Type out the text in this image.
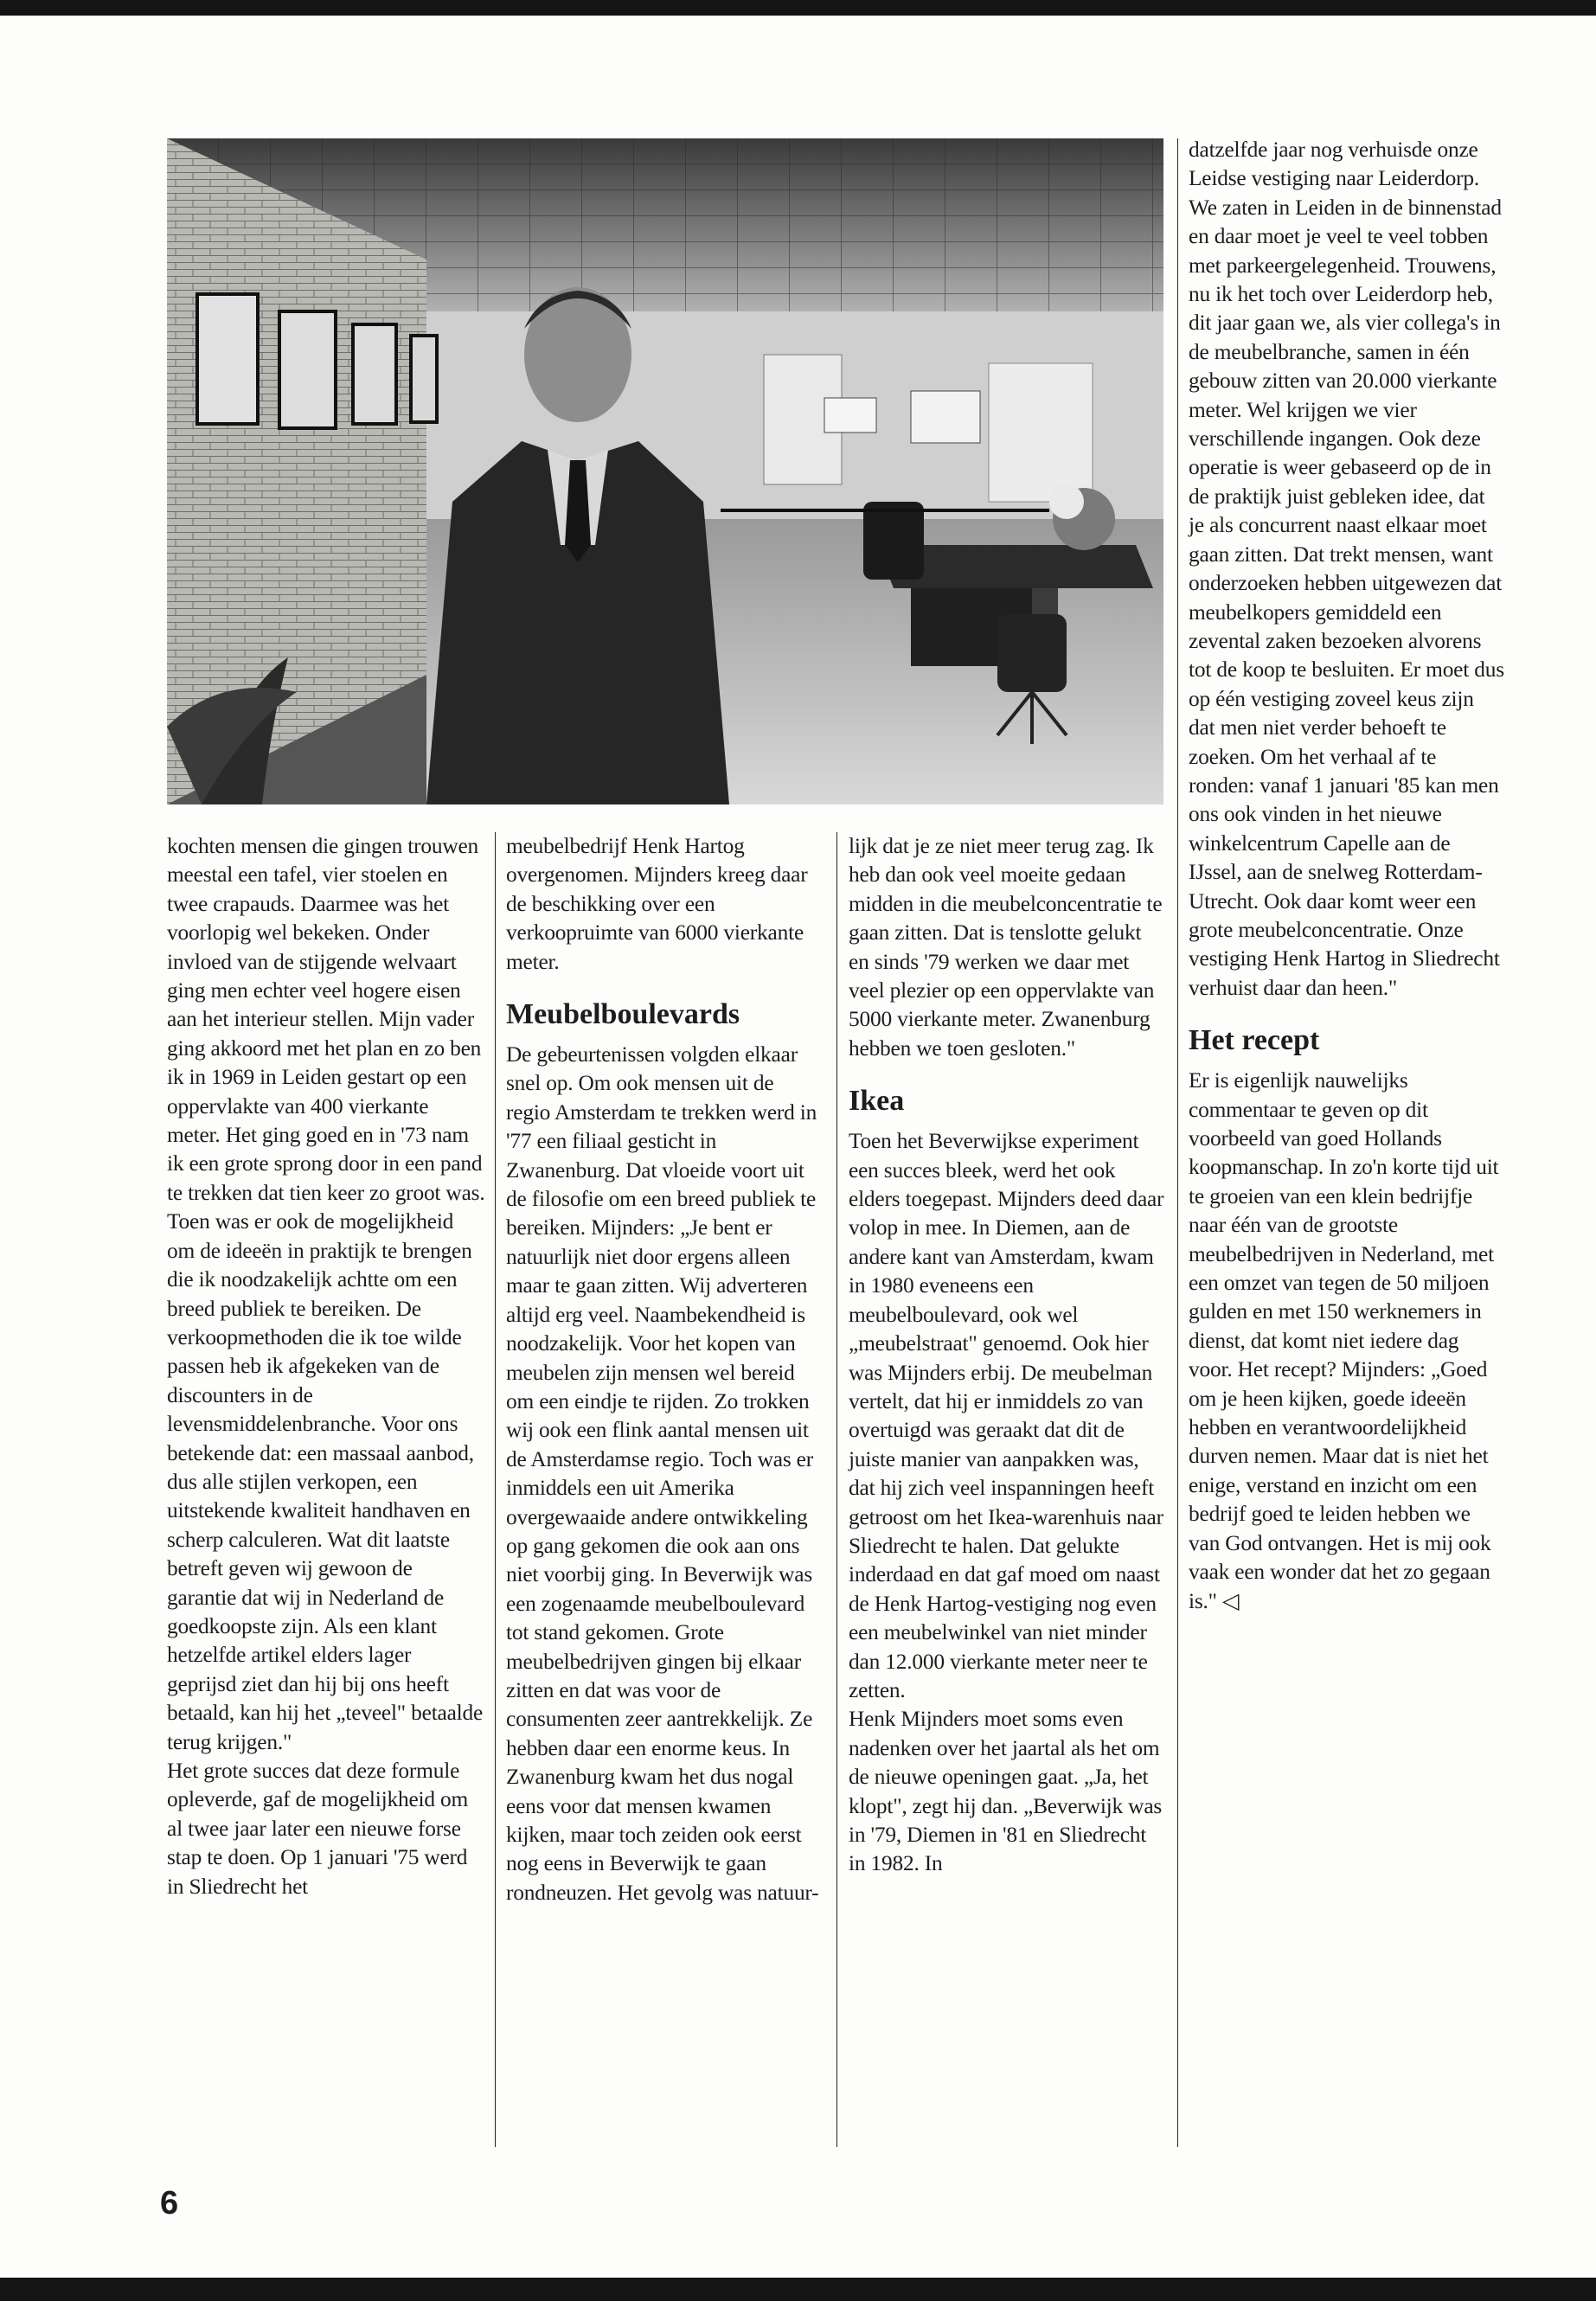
kochten mensen die gingen trouwen meestal een tafel, vier stoelen en twee crapauds. Daarmee was het voorlopig wel bekeken. Onder invloed van de stijgende welvaart ging men echter veel hogere eisen aan het interieur stellen. Mijn vader ging akkoord met het plan en zo ben ik in 1969 in Leiden gestart op een oppervlakte van 400 vierkante meter. Het ging goed en in '73 nam ik een grote sprong door in een pand te trekken dat tien keer zo groot was. Toen was er ook de mogelijkheid om de ideeën in praktijk te brengen die ik noodzakelijk achtte om een breed publiek te bereiken. De verkoopmethoden die ik toe wilde passen heb ik afgekeken van de discounters in de levensmiddelenbranche. Voor ons betekende dat: een massaal aanbod, dus alle stijlen verkopen, een uitstekende kwaliteit handhaven en scherp calculeren. Wat dit laatste betreft geven wij gewoon de garantie dat wij in Nederland de goedkoopste zijn. Als een klant hetzelfde artikel elders lager geprijsd ziet dan hij bij ons heeft betaald, kan hij het „teveel" betaalde terug krijgen."

Het grote succes dat deze formule opleverde, gaf de mogelijkheid om al twee jaar later een nieuwe forse stap te doen. Op 1 januari '75 werd in Sliedrecht het

meubelbedrijf Henk Hartog overgenomen. Mijnders kreeg daar de beschikking over een verkoopruimte van 6000 vierkante meter.

Meubelboulevards

De gebeurtenissen volgden elkaar snel op. Om ook mensen uit de regio Amsterdam te trekken werd in '77 een filiaal gesticht in Zwanenburg. Dat vloeide voort uit de filosofie om een breed publiek te bereiken. Mijnders: „Je bent er natuurlijk niet door ergens alleen maar te gaan zitten. Wij adverteren altijd erg veel. Naambekendheid is noodzakelijk. Voor het kopen van meubelen zijn mensen wel bereid om een eindje te rijden. Zo trokken wij ook een flink aantal mensen uit de Amsterdamse regio. Toch was er inmiddels een uit Amerika overgewaaide andere ontwikkeling op gang gekomen die ook aan ons niet voorbij ging. In Beverwijk was een zogenaamde meubelboulevard tot stand gekomen. Grote meubelbedrijven gingen bij elkaar zitten en dat was voor de consumenten zeer aantrekkelijk. Ze hebben daar een enorme keus. In Zwanenburg kwam het dus nogal eens voor dat mensen kwamen kijken, maar toch zeiden ook eerst nog eens in Beverwijk te gaan rondneuzen. Het gevolg was natuur-

lijk dat je ze niet meer terug zag. Ik heb dan ook veel moeite gedaan midden in die meubelconcentratie te gaan zitten. Dat is tenslotte gelukt en sinds '79 werken we daar met veel plezier op een oppervlakte van 5000 vierkante meter. Zwanenburg hebben we toen gesloten."

Ikea

Toen het Beverwijkse experiment een succes bleek, werd het ook elders toegepast. Mijnders deed daar volop in mee. In Diemen, aan de andere kant van Amsterdam, kwam in 1980 eveneens een meubelboulevard, ook wel „meubelstraat" genoemd. Ook hier was Mijnders erbij. De meubelman vertelt, dat hij er inmiddels zo van overtuigd was geraakt dat dit de juiste manier van aanpakken was, dat hij zich veel inspanningen heeft getroost om het Ikea-warenhuis naar Sliedrecht te halen. Dat gelukte inderdaad en dat gaf moed om naast de Henk Hartog-vestiging nog even een meubelwinkel van niet minder dan 12.000 vierkante meter neer te zetten.

Henk Mijnders moet soms even nadenken over het jaartal als het om de nieuwe openingen gaat. „Ja, het klopt", zegt hij dan. „Beverwijk was in '79, Diemen in '81 en Sliedrecht in 1982. In

datzelfde jaar nog verhuisde onze Leidse vestiging naar Leiderdorp. We zaten in Leiden in de binnenstad en daar moet je veel te veel tobben met parkeergelegenheid. Trouwens, nu ik het toch over Leiderdorp heb, dit jaar gaan we, als vier collega's in de meubelbranche, samen in één gebouw zitten van 20.000 vierkante meter. Wel krijgen we vier verschillende ingangen. Ook deze operatie is weer gebaseerd op de in de praktijk juist gebleken idee, dat je als concurrent naast elkaar moet gaan zitten. Dat trekt mensen, want onderzoeken hebben uitgewezen dat meubelkopers gemiddeld een zevental zaken bezoeken alvorens tot de koop te besluiten. Er moet dus op één vestiging zoveel keus zijn dat men niet verder behoeft te zoeken. Om het verhaal af te ronden: vanaf 1 januari '85 kan men ons ook vinden in het nieuwe winkelcentrum Capelle aan de IJssel, aan de snelweg Rotterdam-Utrecht. Ook daar komt weer een grote meubelconcentratie. Onze vestiging Henk Hartog in Sliedrecht verhuist daar dan heen."

Het recept

Er is eigenlijk nauwelijks commentaar te geven op dit voorbeeld van goed Hollands koopmanschap. In zo'n korte tijd uit te groeien van een klein bedrijfje naar één van de grootste meubelbedrijven in Nederland, met een omzet van tegen de 50 miljoen gulden en met 150 werknemers in dienst, dat komt niet iedere dag voor. Het recept? Mijnders: „Goed om je heen kijken, goede ideeën hebben en verantwoordelijkheid durven nemen. Maar dat is niet het enige, verstand en inzicht om een bedrijf goed te leiden hebben we van God ontvangen. Het is mij ook vaak een wonder dat het zo gegaan is." ◁

6
